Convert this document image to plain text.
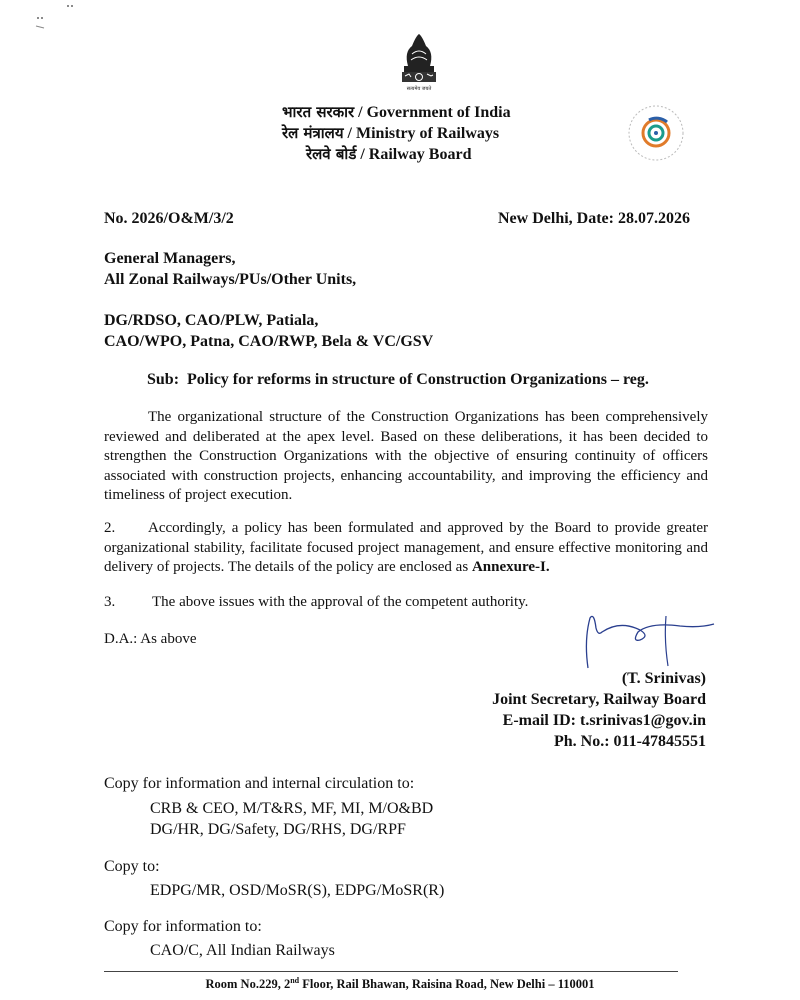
सत्यमेव जयते
भारत सरकार / Government of India
रेल मंत्रालय / Ministry of Railways
रेलवे बोर्ड / Railway Board
No. 2026/O&M/3/2	New Delhi, Date: 28.07.2026
General Managers,
All Zonal Railways/PUs/Other Units,
DG/RDSO, CAO/PLW, Patiala,
CAO/WPO, Patna, CAO/RWP, Bela & VC/GSV
Sub: Policy for reforms in structure of Construction Organizations – reg.

The organizational structure of the Construction Organizations has been comprehensively reviewed and deliberated at the apex level. Based on these deliberations, it has been decided to strengthen the Construction Organizations with the objective of ensuring continuity of officers associated with construction projects, enhancing accountability, and improving the efficiency and timeliness of project execution.

2. Accordingly, a policy has been formulated and approved by the Board to provide greater organizational stability, facilitate focused project management, and ensure effective monitoring and delivery of projects. The details of the policy are enclosed as Annexure-I.

3. The above issues with the approval of the competent authority.
D.A.: As above
(T. Srinivas)
Joint Secretary, Railway Board
E-mail ID: t.srinivas1@gov.in
Ph. No.: 011-47845551
Copy for information and internal circulation to:
CRB & CEO, M/T&RS, MF, MI, M/O&BD
DG/HR, DG/Safety, DG/RHS, DG/RPF
Copy to:
EDPG/MR, OSD/MoSR(S), EDPG/MoSR(R)
Copy for information to:
CAO/C, All Indian Railways
Room No.229, 2nd Floor, Rail Bhawan, Raisina Road, New Delhi – 110001
